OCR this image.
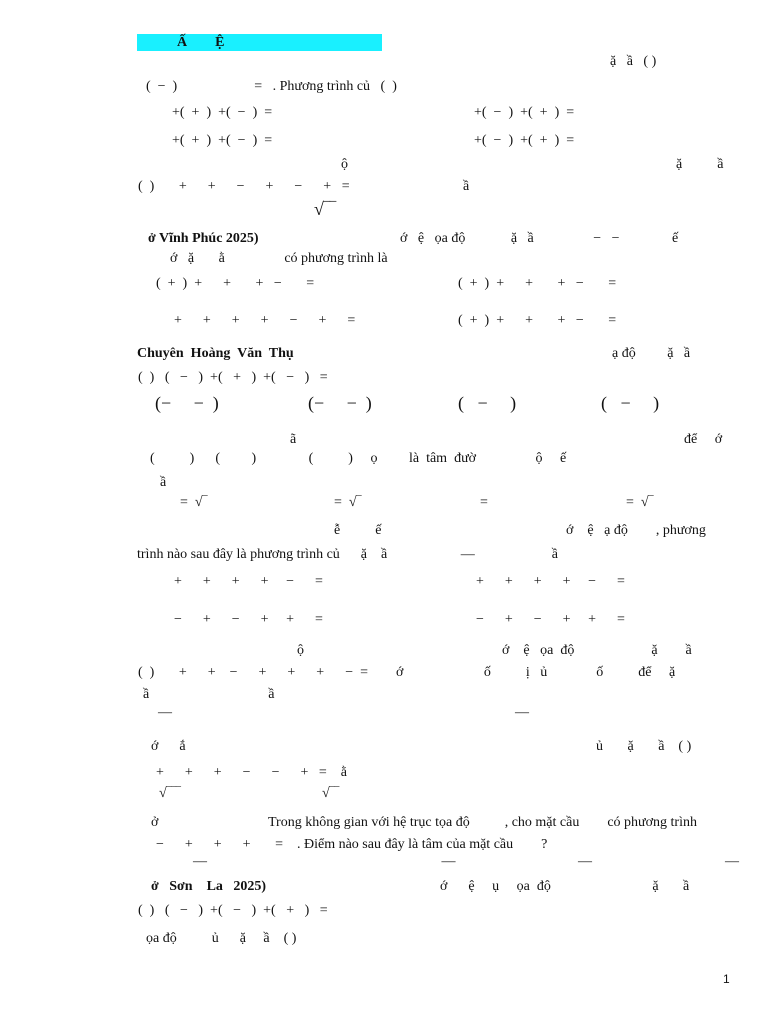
Ấ        Ệ
ặ   ầ   ( )
(  −  )                      =   . Phương trình củ   (  )
+(  +  )  +(  −  )  =	+(  −  )  +(  +  )  =
+(  +  )  +(  −  )  =	+(  −  )  +(  +  )  =
ộ	ặ          ầ
(  )       +      +      −      +      −      +   =	ầ
√‾‾
ở Vĩnh Phúc 2025)	ớ   ệ   ọa độ             ặ   ầ                 −   −               ế
ớ   ặ       ằ                 có phương trình là
(  +  )  +      +       +   −       =	(  +  )  +      +       +   −       =
+      +      +      +      −      +      =	(  +  )  +      +       +   −       =
Chuyên  Hoàng  Văn  Thụ	ạ độ         ặ   ầ
(  )   (   −   )  +(   +   )  +(   −   )   =
(−     −  )	(−     −  )	(   −     )	(   −     )
ã	để     ớ
(          )      (         )               (          )     ọ         là  tâm  đườ                 ộ     ế
ầ
=  √‾	=  √‾	=	=  √‾
ễ          ế	ớ    ệ   ạ độ        , phương
trình nào sau đây là phương trình củ      ặ    ầ                     —                      ầ
+      +      +      +     −      =	+      +      +      +     −      =
−      +      −      +     +      =	−      +      −      +     +      =
ộ	ớ    ệ   ọa  độ                      ặ        ầ
(  )       +      +    −      +      +      +      −  =        ớ                       ố          ị   ủ              ố          để     ặ
ầ                                  ầ
—                                                                                                  —
ớ      ắ	ủ       ặ       ầ    ( )
+      +      +      −      −      +   =    ằ
√‾‾‾	√‾‾
ở	Trong không gian với hệ trục tọa độ          , cho mặt cầu        có phương trình
−      +      +      +       =    . Điểm nào sau đây là tâm của mặt cầu        ?
—                                                                   —                                   —                                      —
ở   Sơn    La   2025)	ớ      ệ     ụ     ọa  độ                             ặ       ầ
(  )   (   −   )  +(   −   )  +(   +   )   =
ọa độ          ủ      ặ     ầ    ( )
1
